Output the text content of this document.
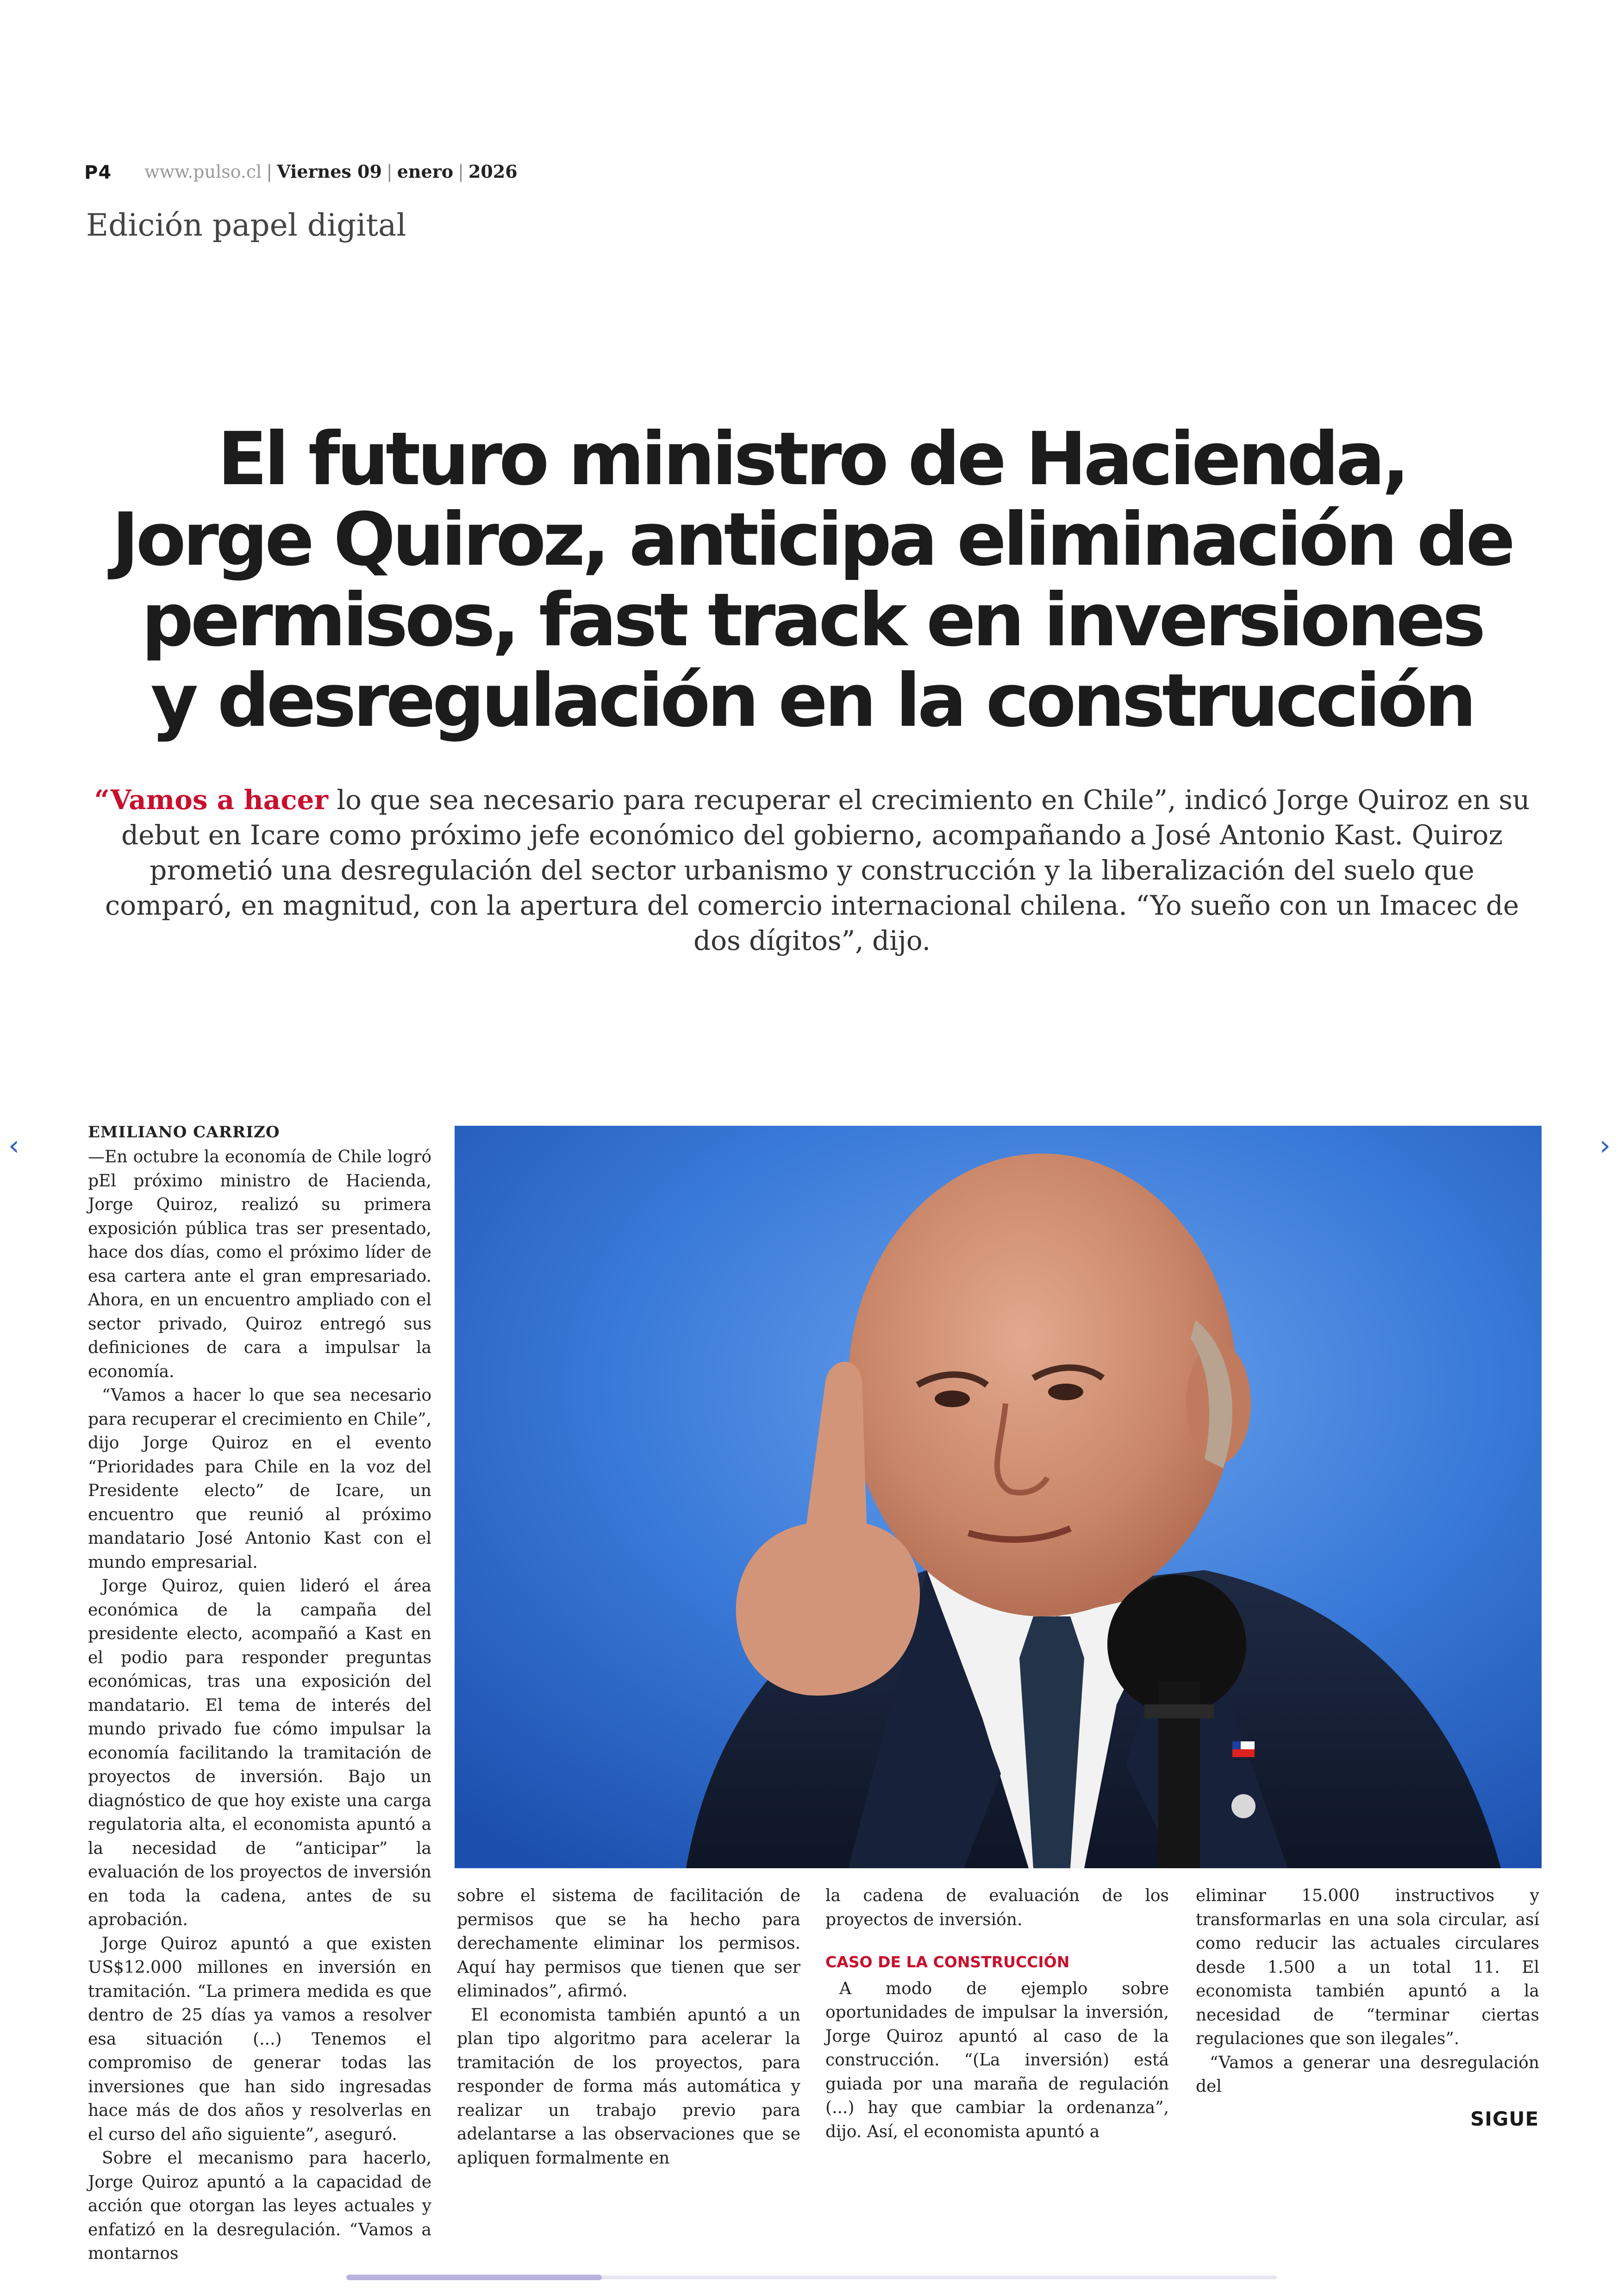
P4 www.pulso.cl | Viernes 09 | enero | 2026
Edición papel digital
El futuro ministro de Hacienda, Jorge Quiroz, anticipa eliminación de permisos, fast track en inversiones y desregulación en la construcción
“Vamos a hacer lo que sea necesario para recuperar el crecimiento en Chile”, indicó Jorge Quiroz en su debut en Icare como próximo jefe económico del gobierno, acompañando a José Antonio Kast. Quiroz prometió una desregulación del sector urbanismo y construcción y la liberalización del suelo que comparó, en magnitud, con la apertura del comercio internacional chilena. “Yo sueño con un Imacec de dos dígitos”, dijo.
‹	›
EMILIANO CARRIZO

—En octubre la economía de Chile logró pEl próximo ministro de Hacienda, Jorge Quiroz, realizó su primera exposición pública tras ser presentado, hace dos días, como el próximo líder de esa cartera ante el gran empresariado. Ahora, en un encuentro ampliado con el sector privado, Quiroz entregó sus definiciones de cara a impulsar la economía.

“Vamos a hacer lo que sea necesario para recuperar el crecimiento en Chile”, dijo Jorge Quiroz en el evento “Prioridades para Chile en la voz del Presidente electo” de Icare, un encuentro que reunió al próximo mandatario José Antonio Kast con el mundo empresarial.

Jorge Quiroz, quien lideró el área económica de la campaña del presidente electo, acompañó a Kast en el podio para responder preguntas económicas, tras una exposición del mandatario. El tema de interés del mundo privado fue cómo impulsar la economía facilitando la tramitación de proyectos de inversión. Bajo un diagnóstico de que hoy existe una carga regulatoria alta, el economista apuntó a la necesidad de “anticipar” la evaluación de los proyectos de inversión en toda la cadena, antes de su aprobación.

Jorge Quiroz apuntó a que existen US$12.000 millones en inversión en tramitación. “La primera medida es que dentro de 25 días ya vamos a resolver esa situación (...) Tenemos el compromiso de generar todas las inversiones que han sido ingresadas hace más de dos años y resolverlas en el curso del año siguiente”, aseguró.

Sobre el mecanismo para hacerlo, Jorge Quiroz apuntó a la capacidad de acción que otorgan las leyes actuales y enfatizó en la desregulación. “Vamos a montarnos

sobre el sistema de facilitación de permisos que se ha hecho para derechamente eliminar los permisos. Aquí hay permisos que tienen que ser eliminados”, afirmó.

El economista también apuntó a un plan tipo algoritmo para acelerar la tramitación de los proyectos, para responder de forma más automática y realizar un trabajo previo para adelantarse a las observaciones que se apliquen formalmente en

la cadena de evaluación de los proyectos de inversión.

CASO DE LA CONSTRUCCIÓN

A modo de ejemplo sobre oportunidades de impulsar la inversión, Jorge Quiroz apuntó al caso de la construcción. “(La inversión) está guiada por una maraña de regulación (...) hay que cambiar la ordenanza”, dijo. Así, el economista apuntó a

eliminar 15.000 instructivos y transformarlas en una sola circular, así como reducir las actuales circulares desde 1.500 a un total 11. El economista también apuntó a la necesidad de “terminar ciertas regulaciones que son ilegales”.

“Vamos a generar una desregulación del

SIGUE
